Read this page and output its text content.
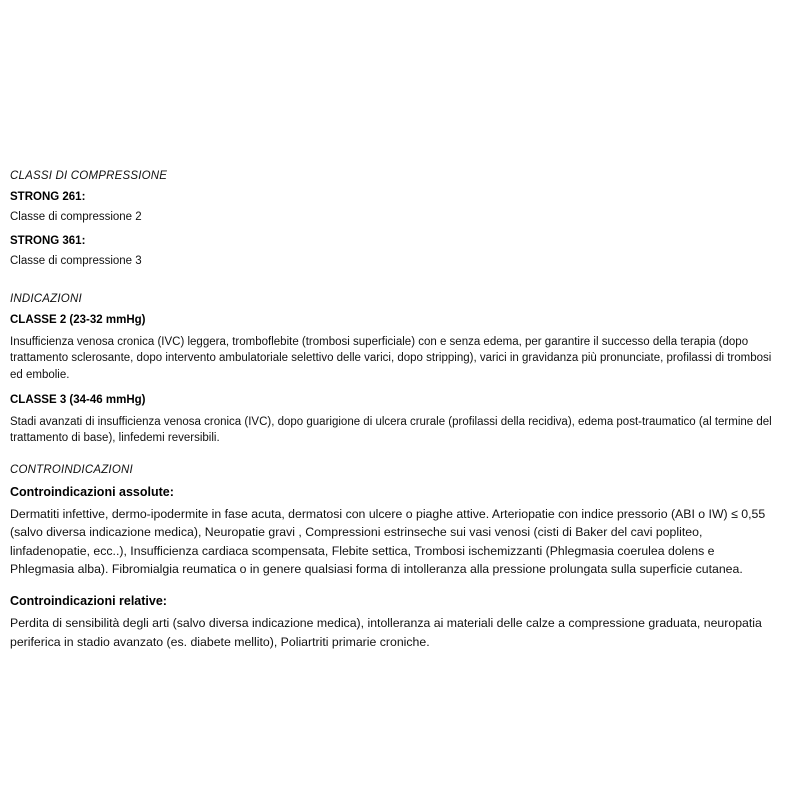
CLASSI DI COMPRESSIONE
STRONG 261:
Classe di compressione 2
STRONG 361:
Classe di compressione 3
INDICAZIONI
CLASSE 2 (23-32 mmHg)
Insufficienza venosa cronica (IVC) leggera, tromboflebite (trombosi superficiale) con e senza edema, per garantire il successo della terapia (dopo trattamento sclerosante, dopo intervento ambulatoriale selettivo delle varici, dopo stripping), varici in gravidanza più pronunciate, profilassi di trombosi ed embolie.
CLASSE 3 (34-46 mmHg)
Stadi avanzati di insufficienza venosa cronica (IVC), dopo guarigione di ulcera crurale (profilassi della recidiva), edema post-traumatico (al termine del trattamento di base), linfedemi reversibili.
CONTROINDICAZIONI
Controindicazioni assolute:
Dermatiti infettive, dermo-ipodermite in fase acuta, dermatosi con ulcere o piaghe attive. Arteriopatie con indice pressorio (ABI o IW) ≤ 0,55 (salvo diversa indicazione medica), Neuropatie gravi , Compressioni estrinseche sui vasi venosi (cisti di Baker del cavi popliteo, linfadenopatie, ecc..), Insufficienza cardiaca scompensata, Flebite settica, Trombosi ischemizzanti (Phlegmasia coerulea dolens e Phlegmasia alba). Fibromialgia reumatica o in genere qualsiasi forma di intolleranza alla pressione prolungata sulla superficie cutanea.
Controindicazioni relative:
Perdita di sensibilità degli arti (salvo diversa indicazione medica), intolleranza ai materiali delle calze a compressione graduata, neuropatia periferica in stadio avanzato (es. diabete mellito), Poliartriti primarie croniche.
